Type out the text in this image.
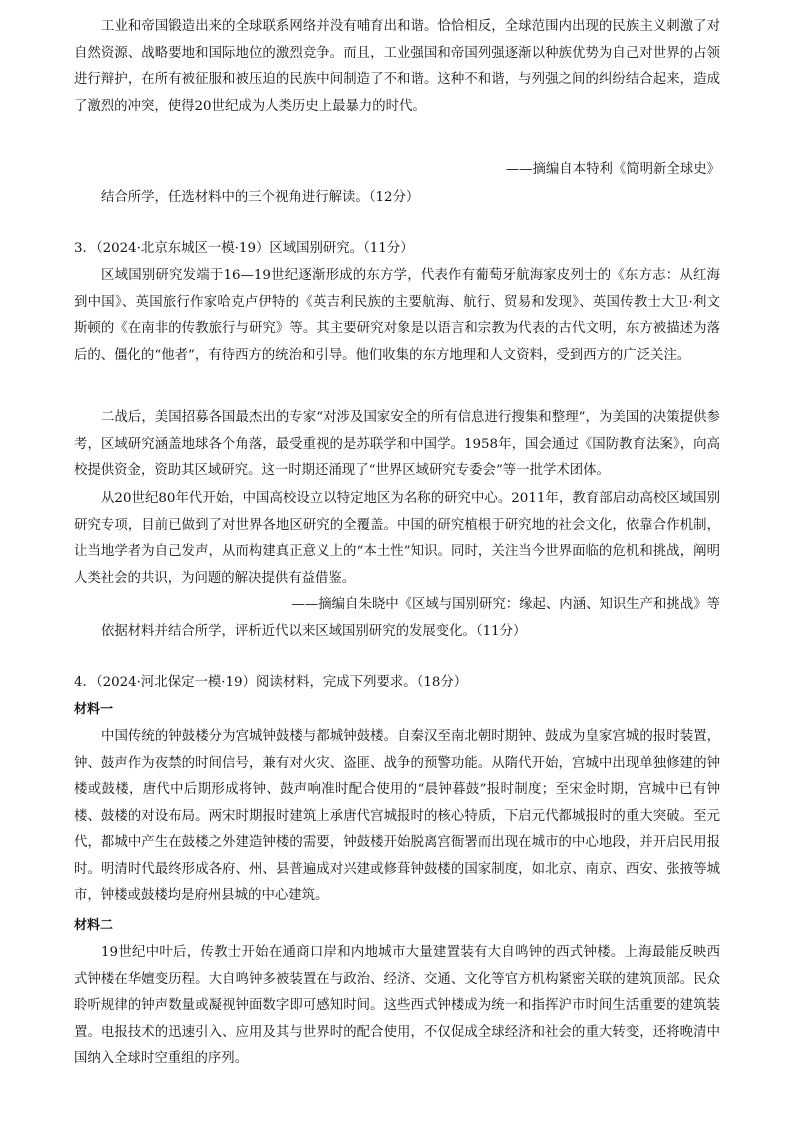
工业和帝国锻造出来的全球联系网络并没有哺育出和谐。恰恰相反，全球范围内出现的民族主义刺激了对自然资源、战略要地和国际地位的激烈竞争。而且，工业强国和帝国列强逐渐以种族优势为自己对世界的占领进行辩护，在所有被征服和被压迫的民族中间制造了不和谐。这种不和谐，与列强之间的纠纷结合起来，造成了激烈的冲突，使得20世纪成为人类历史上最暴力的时代。

——摘编自本特利《简明新全球史》

结合所学，任选材料中的三个视角进行解读。（12分）

3．（2024·北京东城区一模·19）区域国别研究。（11分）

区域国别研究发端于16—19世纪逐渐形成的东方学，代表作有葡萄牙航海家皮列士的《东方志：从红海到中国》、英国旅行作家哈克卢伊特的《英吉利民族的主要航海、航行、贸易和发现》、英国传教士大卫·利文斯顿的《在南非的传教旅行与研究》等。其主要研究对象是以语言和宗教为代表的古代文明，东方被描述为落后的、僵化的“他者”，有待西方的统治和引导。他们收集的东方地理和人文资料，受到西方的广泛关注。

二战后，美国招募各国最杰出的专家“对涉及国家安全的所有信息进行搜集和整理”，为美国的决策提供参考，区域研究涵盖地球各个角落，最受重视的是苏联学和中国学。1958年，国会通过《国防教育法案》，向高校提供资金，资助其区域研究。这一时期还涌现了“世界区域研究专委会”等一批学术团体。

从20世纪80年代开始，中国高校设立以特定地区为名称的研究中心。2011年，教育部启动高校区域国别研究专项，目前已做到了对世界各地区研究的全覆盖。中国的研究植根于研究地的社会文化，依靠合作机制，让当地学者为自己发声，从而构建真正意义上的“本土性”知识。同时，关注当今世界面临的危机和挑战，阐明人类社会的共识，为问题的解决提供有益借鉴。

——摘编自朱晓中《区域与国别研究：缘起、内涵、知识生产和挑战》等

依据材料并结合所学，评析近代以来区域国别研究的发展变化。（11分）

4．（2024·河北保定一模·19）阅读材料，完成下列要求。（18分）

材料一

中国传统的钟鼓楼分为宫城钟鼓楼与都城钟鼓楼。自秦汉至南北朝时期钟、鼓成为皇家宫城的报时装置，钟、鼓声作为夜禁的时间信号，兼有对火灾、盗匪、战争的预警功能。从隋代开始，宫城中出现单独修建的钟楼或鼓楼，唐代中后期形成将钟、鼓声响准时配合使用的“晨钟暮鼓”报时制度；至宋金时期，宫城中已有钟楼、鼓楼的对设布局。两宋时期报时建筑上承唐代宫城报时的核心特质，下启元代都城报时的重大突破。至元代，都城中产生在鼓楼之外建造钟楼的需要，钟鼓楼开始脱离宫衙署而出现在城市的中心地段，并开启民用报时。明清时代最终形成各府、州、县普遍成对兴建或修葺钟鼓楼的国家制度，如北京、南京、西安、张掖等城市，钟楼或鼓楼均是府州县城的中心建筑。

材料二

19世纪中叶后，传教士开始在通商口岸和内地城市大量建置装有大自鸣钟的西式钟楼。上海最能反映西式钟楼在华嬗变历程。大自鸣钟多被装置在与政治、经济、交通、文化等官方机构紧密关联的建筑顶部。民众聆听规律的钟声数量或凝视钟面数字即可感知时间。这些西式钟楼成为统一和指挥沪市时间生活重要的建筑装置。电报技术的迅速引入、应用及其与世界时的配合使用，不仅促成全球经济和社会的重大转变，还将晚清中国纳入全球时空重组的序列。
